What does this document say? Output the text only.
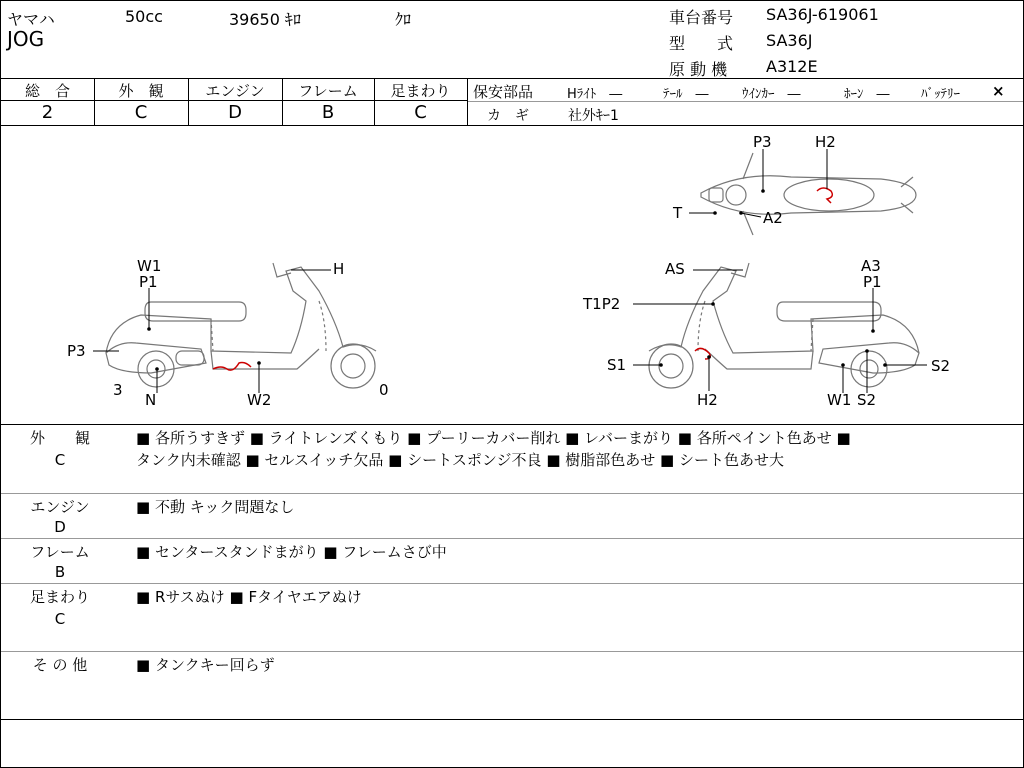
ヤマハ	50cc	39650 ｷﾛ	ｸﾛ
JOG
車台番号 SA36J-619061
型　　式 SA36J
原 動 機 A312E
総　合	外　観	エンジン	フレーム	足まわり
2	C	D	B	C
保安部品	Hﾗｲﾄ　―	ﾃｰﾙ　―	ｳｲﾝｶｰ　―	ﾎｰﾝ　― ﾊﾞｯﾃﾘｰ ×
カ　ギ	社外ｷｰ1
W1
P1
H
P3
3
N	W2
0
AS	A3
P1
T1P2
S1	S2
H2	W1 S2
P3	H2
T	A2
外　　観
C
■ 各所うすきず ■ ライトレンズくもり ■ プーリーカバー削れ ■ レバーまがり ■ 各所ペイント色あせ ■
タンク内未確認 ■ セルスイッチ欠品 ■ シートスポンジ不良 ■ 樹脂部色あせ ■ シート色あせ大
エンジン
D
■ 不動 キック問題なし
フレーム
B
■ センタースタンドまがり ■ フレームさび中
足まわり
C
■ Rサスぬけ ■ Fタイヤエアぬけ
そ の 他	■ タンクキー回らず
